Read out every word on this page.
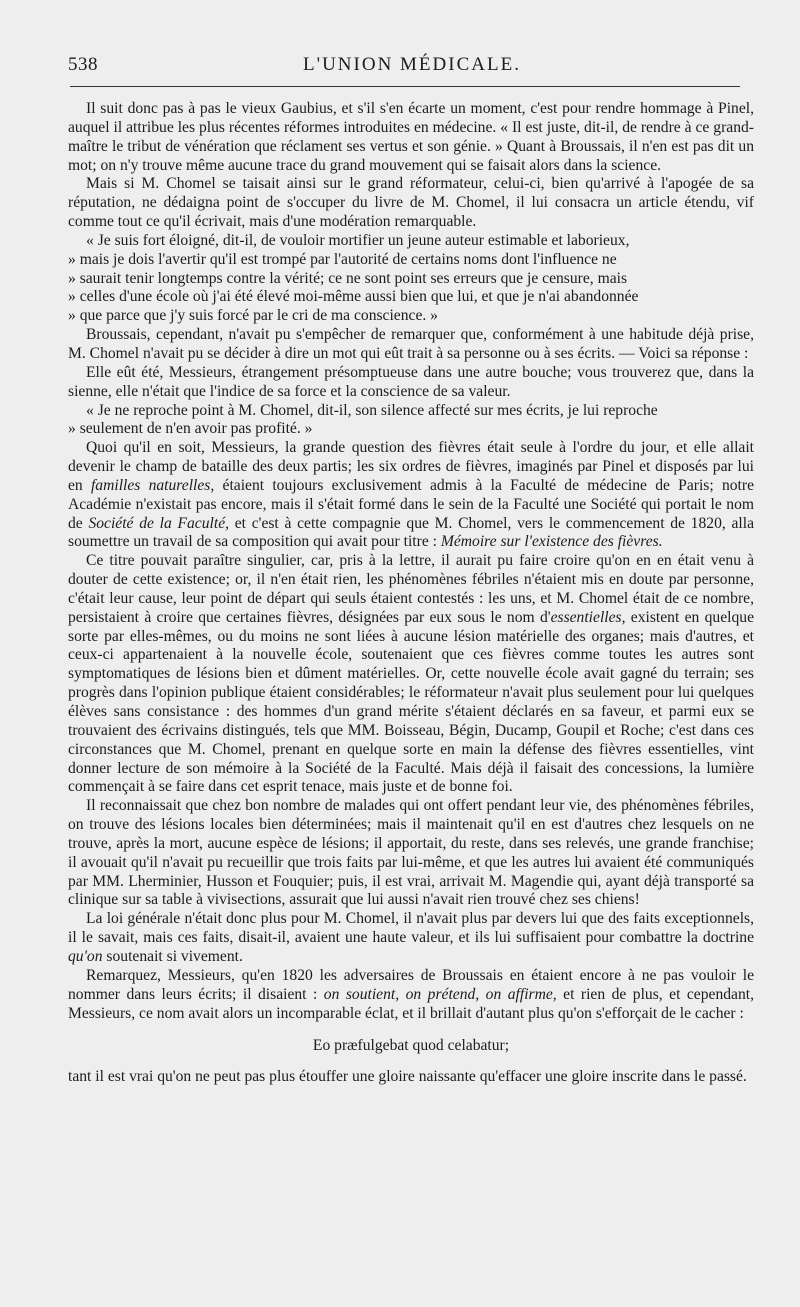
538	L'UNION MÉDICALE.

Il suit donc pas à pas le vieux Gaubius, et s'il s'en écarte un moment, c'est pour rendre hommage à Pinel, auquel il attribue les plus récentes réformes introduites en médecine. « Il est juste, dit-il, de rendre à ce grand-maître le tribut de vénération que réclament ses vertus et son génie. » Quant à Broussais, il n'en est pas dit un mot; on n'y trouve même aucune trace du grand mouvement qui se faisait alors dans la science.

Mais si M. Chomel se taisait ainsi sur le grand réformateur, celui-ci, bien qu'arrivé à l'apogée de sa réputation, ne dédaigna point de s'occuper du livre de M. Chomel, il lui consacra un article étendu, vif comme tout ce qu'il écrivait, mais d'une modération remarquable.

« Je suis fort éloigné, dit-il, de vouloir mortifier un jeune auteur estimable et laborieux,

» mais je dois l'avertir qu'il est trompé par l'autorité de certains noms dont l'influence ne

» saurait tenir longtemps contre la vérité; ce ne sont point ses erreurs que je censure, mais

» celles d'une école où j'ai été élevé moi-même aussi bien que lui, et que je n'ai abandonnée

» que parce que j'y suis forcé par le cri de ma conscience. »

Broussais, cependant, n'avait pu s'empêcher de remarquer que, conformément à une habitude déjà prise, M. Chomel n'avait pu se décider à dire un mot qui eût trait à sa personne ou à ses écrits. — Voici sa réponse :

Elle eût été, Messieurs, étrangement présomptueuse dans une autre bouche; vous trouverez que, dans la sienne, elle n'était que l'indice de sa force et la conscience de sa valeur.

« Je ne reproche point à M. Chomel, dit-il, son silence affecté sur mes écrits, je lui reproche

» seulement de n'en avoir pas profité. »

Quoi qu'il en soit, Messieurs, la grande question des fièvres était seule à l'ordre du jour, et elle allait devenir le champ de bataille des deux partis; les six ordres de fièvres, imaginés par Pinel et disposés par lui en familles naturelles, étaient toujours exclusivement admis à la Faculté de médecine de Paris; notre Académie n'existait pas encore, mais il s'était formé dans le sein de la Faculté une Société qui portait le nom de Société de la Faculté, et c'est à cette compagnie que M. Chomel, vers le commencement de 1820, alla soumettre un travail de sa composition qui avait pour titre : Mémoire sur l'existence des fièvres.

Ce titre pouvait paraître singulier, car, pris à la lettre, il aurait pu faire croire qu'on en en était venu à douter de cette existence; or, il n'en était rien, les phénomènes fébriles n'étaient mis en doute par personne, c'était leur cause, leur point de départ qui seuls étaient contestés : les uns, et M. Chomel était de ce nombre, persistaient à croire que certaines fièvres, désignées par eux sous le nom d'essentielles, existent en quelque sorte par elles-mêmes, ou du moins ne sont liées à aucune lésion matérielle des organes; mais d'autres, et ceux-ci appartenaient à la nouvelle école, soutenaient que ces fièvres comme toutes les autres sont symptomatiques de lésions bien et dûment matérielles. Or, cette nouvelle école avait gagné du terrain; ses progrès dans l'opinion publique étaient considérables; le réformateur n'avait plus seulement pour lui quelques élèves sans consistance : des hommes d'un grand mérite s'étaient déclarés en sa faveur, et parmi eux se trouvaient des écrivains distingués, tels que MM. Boisseau, Bégin, Ducamp, Goupil et Roche; c'est dans ces circonstances que M. Chomel, prenant en quelque sorte en main la défense des fièvres essentielles, vint donner lecture de son mémoire à la Société de la Faculté. Mais déjà il faisait des concessions, la lumière commençait à se faire dans cet esprit tenace, mais juste et de bonne foi.

Il reconnaissait que chez bon nombre de malades qui ont offert pendant leur vie, des phénomènes fébriles, on trouve des lésions locales bien déterminées; mais il maintenait qu'il en est d'autres chez lesquels on ne trouve, après la mort, aucune espèce de lésions; il apportait, du reste, dans ses relevés, une grande franchise; il avouait qu'il n'avait pu recueillir que trois faits par lui-même, et que les autres lui avaient été communiqués par MM. Lherminier, Husson et Fouquier; puis, il est vrai, arrivait M. Magendie qui, ayant déjà transporté sa clinique sur sa table à vivisections, assurait que lui aussi n'avait rien trouvé chez ses chiens!

La loi générale n'était donc plus pour M. Chomel, il n'avait plus par devers lui que des faits exceptionnels, il le savait, mais ces faits, disait-il, avaient une haute valeur, et ils lui suffisaient pour combattre la doctrine qu'on soutenait si vivement.

Remarquez, Messieurs, qu'en 1820 les adversaires de Broussais en étaient encore à ne pas vouloir le nommer dans leurs écrits; il disaient : on soutient, on prétend, on affirme, et rien de plus, et cependant, Messieurs, ce nom avait alors un incomparable éclat, et il brillait d'autant plus qu'on s'efforçait de le cacher :

Eo præfulgebat quod celabatur;

tant il est vrai qu'on ne peut pas plus étouffer une gloire naissante qu'effacer une gloire inscrite dans le passé.
